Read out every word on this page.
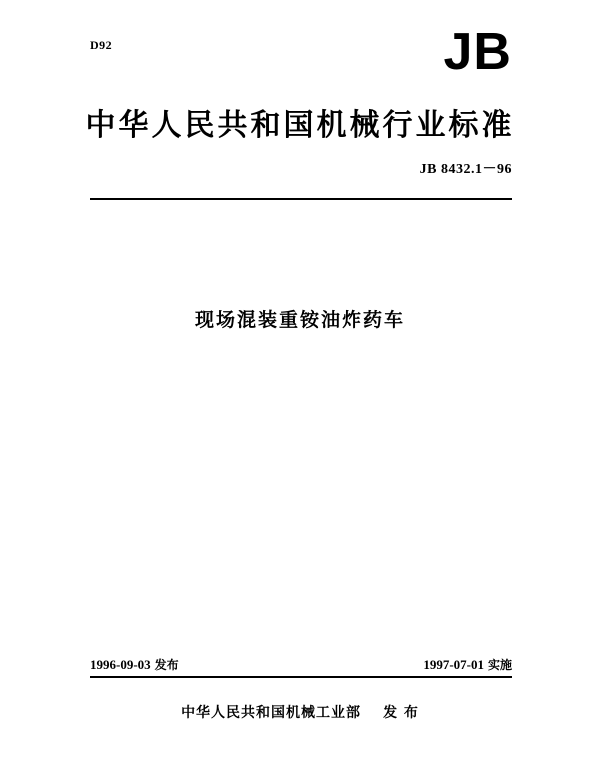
D92	JB
中华人民共和国机械行业标准
JB 8432.1－96
现场混装重铵油炸药车
1996-09-03 发布	1997-07-01 实施
中华人民共和国机械工业部 发 布
